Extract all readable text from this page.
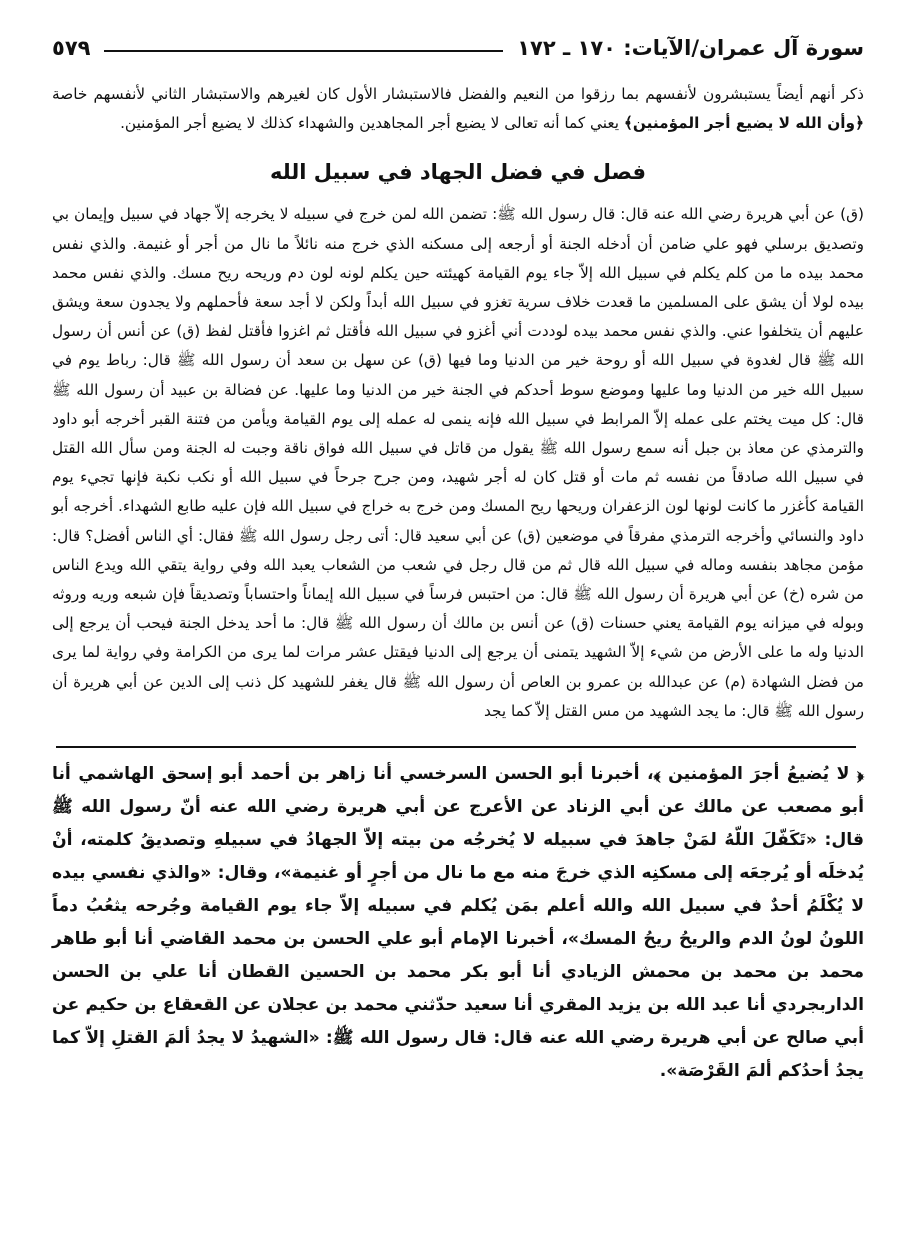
سورة آل عمران/الآيات: ١٧٠ ـ ١٧٢
٥٧٩

ذكر أنهم أيضاً يستبشرون لأنفسهم بما رزقوا من النعيم والفضل فالاستبشار الأول كان لغيرهم والاستبشار الثاني لأنفسهم خاصة ﴿وأن الله لا يضيع أجر المؤمنين﴾ يعني كما أنه تعالى لا يضيع أجر المجاهدين والشهداء كذلك لا يضيع أجر المؤمنين.

فصل في فضل الجهاد في سبيل الله

(ق) عن أبي هريرة رضي الله عنه قال: قال رسول الله ﷺ: تضمن الله لمن خرج في سبيله لا يخرجه إلاّ جهاد في سبيل وإيمان بي وتصديق برسلي فهو علي ضامن أن أدخله الجنة أو أرجعه إلى مسكنه الذي خرج منه نائلاً ما نال من أجر أو غنيمة. والذي نفس محمد بيده ما من كلم يكلم في سبيل الله إلاّ جاء يوم القيامة كهيئته حين يكلم لونه لون دم وريحه ريح مسك. والذي نفس محمد بيده لولا أن يشق على المسلمين ما قعدت خلاف سرية تغزو في سبيل الله أبداً ولكن لا أجد سعة فأحملهم ولا يجدون سعة ويشق عليهم أن يتخلفوا عني. والذي نفس محمد بيده لوددت أني أغزو في سبيل الله فأقتل ثم اغزوا فأقتل لفظ (ق) عن أنس أن رسول الله ﷺ قال لغدوة في سبيل الله أو روحة خير من الدنيا وما فيها (ق) عن سهل بن سعد أن رسول الله ﷺ قال: رباط يوم في سبيل الله خير من الدنيا وما عليها وموضع سوط أحدكم في الجنة خير من الدنيا وما عليها. عن فضالة بن عبيد أن رسول الله ﷺ قال: كل ميت يختم على عمله إلاّ المرابط في سبيل الله فإنه ينمى له عمله إلى يوم القيامة ويأمن من فتنة القبر أخرجه أبو داود والترمذي عن معاذ بن جبل أنه سمع رسول الله ﷺ يقول من قاتل في سبيل الله فواق ناقة وجبت له الجنة ومن سأل الله القتل في سبيل الله صادقاً من نفسه ثم مات أو قتل كان له أجر شهيد، ومن جرح جرحاً في سبيل الله أو نكب نكبة فإنها تجيء يوم القيامة كأغزر ما كانت لونها لون الزعفران وريحها ريح المسك ومن خرج به خراج في سبيل الله فإن عليه طابع الشهداء. أخرجه أبو داود والنسائي وأخرجه الترمذي مفرقاً في موضعين (ق) عن أبي سعيد قال: أتى رجل رسول الله ﷺ فقال: أي الناس أفضل؟ قال: مؤمن مجاهد بنفسه وماله في سبيل الله قال ثم من قال رجل في شعب من الشعاب يعبد الله وفي رواية يتقي الله ويدع الناس من شره (خ) عن أبي هريرة أن رسول الله ﷺ قال: من احتبس فرساً في سبيل الله إيماناً واحتساباً وتصديقاً فإن شبعه وريه وروثه وبوله في ميزانه يوم القيامة يعني حسنات (ق) عن أنس بن مالك أن رسول الله ﷺ قال: ما أحد يدخل الجنة فيحب أن يرجع إلى الدنيا وله ما على الأرض من شيء إلاّ الشهيد يتمنى أن يرجع إلى الدنيا فيقتل عشر مرات لما يرى من الكرامة وفي رواية لما يرى من فضل الشهادة (م) عن عبدالله بن عمرو بن العاص أن رسول الله ﷺ قال يغفر للشهيد كل ذنب إلى الدين عن أبي هريرة أن رسول الله ﷺ قال: ما يجد الشهيد من مس القتل إلاّ كما يجد

﴿ لا يُضيعُ أجرَ المؤمنين ﴾، أخبرنا أبو الحسن السرخسي أنا زاهر بن أحمد أبو إسحق الهاشمي أنا أبو مصعب عن مالك عن أبي الزناد عن الأعرج عن أبي هريرة رضي الله عنه أنّ رسول الله ﷺ قال: «تَكَفّلَ اللّهُ لمَنْ جاهدَ في سبيله لا يُخرجُه من بيته إلاّ الجهادُ في سبيلهِ وتصديقُ كلمته، أنْ يُدخلَه أو يُرجعَه إلى مسكنِه الذي خرجَ منه مع ما نال من أجرٍ أو غنيمة»، وقال: «والذي نفسي بيده لا يُكْلَمُ أحدٌ في سبيل الله والله أعلم بمَن يُكلم في سبيله إلاّ جاء يوم القيامة وجُرحه يثعُبُ دماً اللونُ لونُ الدم والريحُ ريحُ المسك»، أخبرنا الإمام أبو علي الحسن بن محمد القاضي أنا أبو طاهر محمد بن محمد بن محمش الزيادي أنا أبو بكر محمد بن الحسين القطان أنا علي بن الحسن الداربجردي أنا عبد الله بن يزيد المقري أنا سعيد حدّثني محمد بن عجلان عن القعقاع بن حكيم عن أبي صالح عن أبي هريرة رضي الله عنه قال: قال رسول الله ﷺ: «الشهيدُ لا يجدُ ألمَ القتلِ إلاّ كما يجدُ أحدُكم ألمَ القَرْصَة».
